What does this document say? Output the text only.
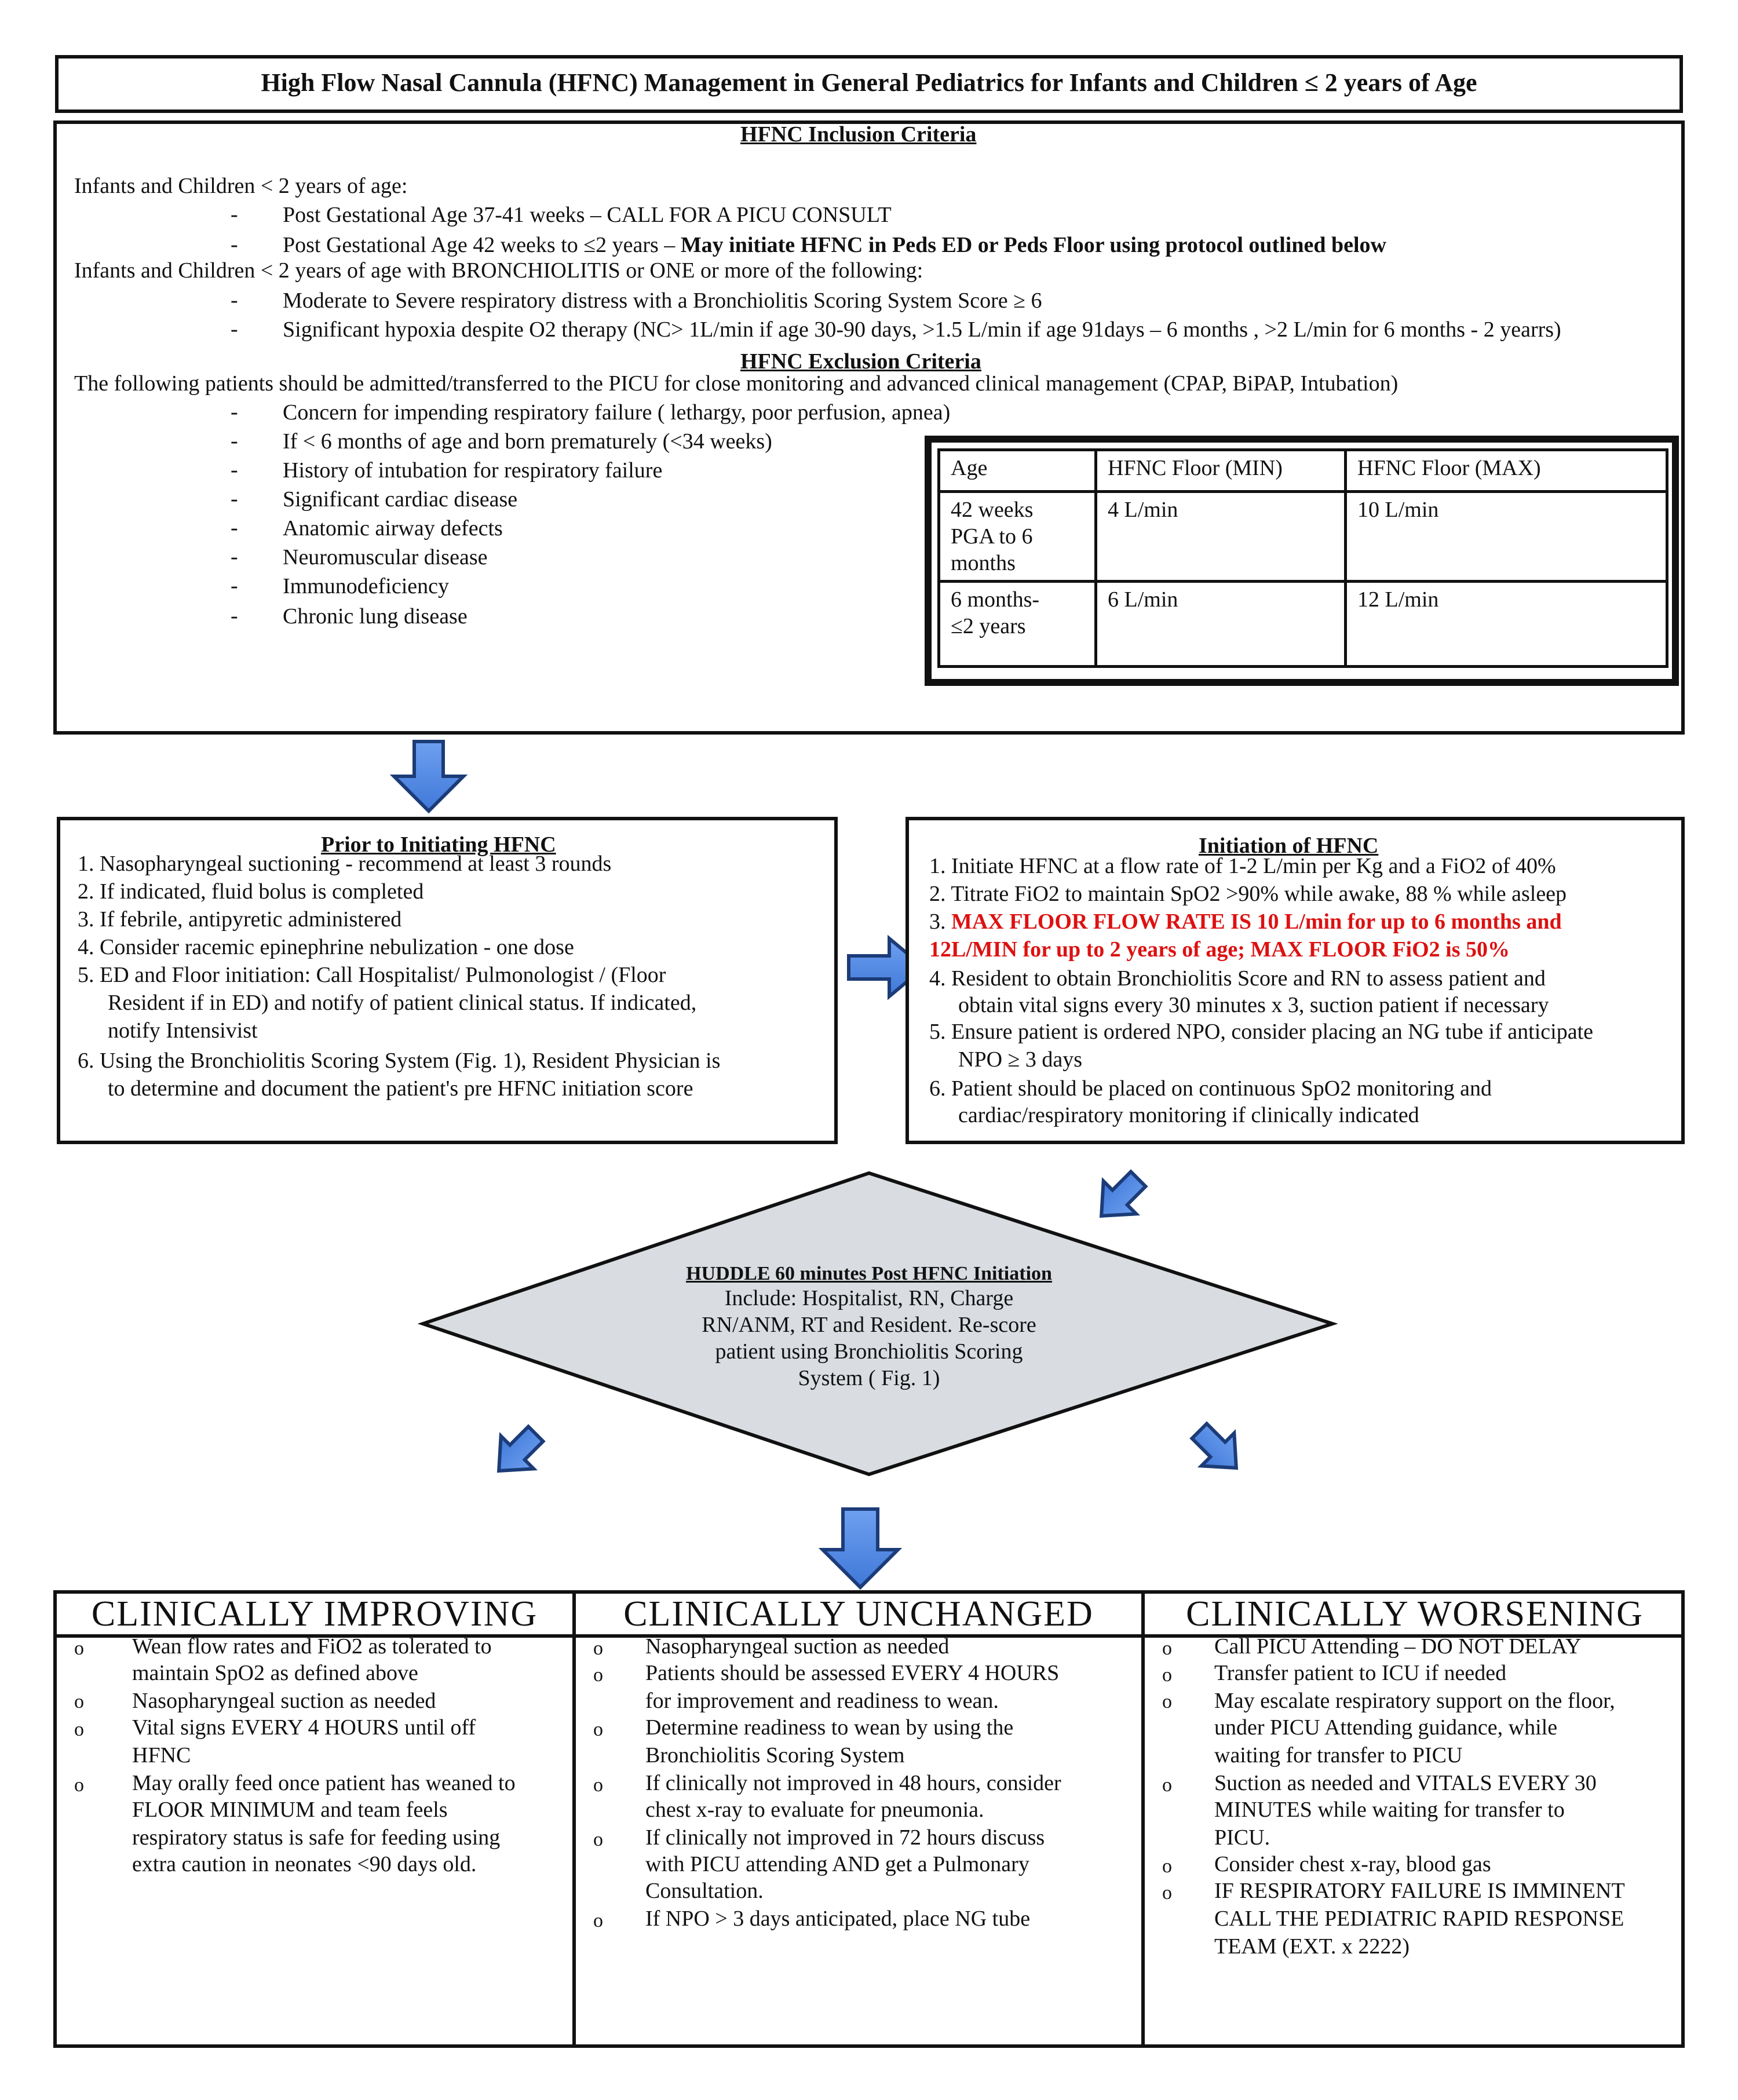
High Flow Nasal Cannula (HFNC) Management in General Pediatrics for Infants and Children ≤ 2 years of Age
HFNC Inclusion Criteria
Infants and Children < 2 years of age:
- Post Gestational Age 37-41 weeks – CALL FOR A PICU CONSULT
- Post Gestational Age 42 weeks to ≤2 years – May initiate HFNC in Peds ED or Peds Floor using protocol outlined below
Infants and Children < 2 years of age with BRONCHIOLITIS or ONE or more of the following:
- Moderate to Severe respiratory distress with a Bronchiolitis Scoring System Score ≥ 6
- Significant hypoxia despite O2 therapy (NC> 1L/min if age 30-90 days, >1.5 L/min if age 91days – 6 months , >2 L/min for 6 months - 2 yearrs)
HFNC Exclusion Criteria
The following patients should be admitted/transferred to the PICU for close monitoring and advanced clinical management (CPAP, BiPAP, Intubation)
- Concern for impending respiratory failure ( lethargy, poor perfusion, apnea)
- If < 6 months of age and born prematurely (<34 weeks)
- History of intubation for respiratory failure
- Significant cardiac disease
- Anatomic airway defects
- Neuromuscular disease
- Immunodeficiency
- Chronic lung disease
Age	HFNC Floor (MIN)	HFNC Floor (MAX)

42 weeks
PGA to 6
months	4 L/min	10 L/min

6 months-
≤2 years	6 L/min	12 L/min
Prior to Initiating HFNC
1. Nasopharyngeal suctioning - recommend at least 3 rounds
2. If indicated, fluid bolus is completed
3. If febrile, antipyretic administered
4. Consider racemic epinephrine nebulization - one dose
5. ED and Floor initiation: Call Hospitalist/ Pulmonologist / (Floor
Resident if in ED) and notify of patient clinical status. If indicated,
notify Intensivist
6. Using the Bronchiolitis Scoring System (Fig. 1), Resident Physician is
to determine and document the patient's pre HFNC initiation score
Initiation of HFNC
1. Initiate HFNC at a flow rate of 1-2 L/min per Kg and a FiO2 of 40%
2. Titrate FiO2 to maintain SpO2 >90% while awake, 88 % while asleep
3. MAX FLOOR FLOW RATE IS 10 L/min for up to 6 months and
12L/MIN for up to 2 years of age; MAX FLOOR FiO2 is 50%
4. Resident to obtain Bronchiolitis Score and RN to assess patient and
obtain vital signs every 30 minutes x 3, suction patient if necessary
5. Ensure patient is ordered NPO, consider placing an NG tube if anticipate
NPO ≥ 3 days
6. Patient should be placed on continuous SpO2 monitoring and
cardiac/respiratory monitoring if clinically indicated
HUDDLE 60 minutes Post HFNC Initiation
Include: Hospitalist, RN, Charge
RN/ANM, RT and Resident. Re-score
patient using Bronchiolitis Scoring
System ( Fig. 1)
CLINICALLY IMPROVING	CLINICALLY UNCHANGED	CLINICALLY WORSENING
o Wean flow rates and FiO2 as tolerated to
maintain SpO2 as defined above
o Nasopharyngeal suction as needed
o Vital signs EVERY 4 HOURS until off
HFNC
o May orally feed once patient has weaned to
FLOOR MINIMUM and team feels
respiratory status is safe for feeding using
extra caution in neonates <90 days old.
o Nasopharyngeal suction as needed
o Patients should be assessed EVERY 4 HOURS
for improvement and readiness to wean.
o Determine readiness to wean by using the
Bronchiolitis Scoring System
o If clinically not improved in 48 hours, consider
chest x-ray to evaluate for pneumonia.
o If clinically not improved in 72 hours discuss
with PICU attending AND get a Pulmonary
Consultation.
o If NPO > 3 days anticipated, place NG tube
o Call PICU Attending – DO NOT DELAY
o Transfer patient to ICU if needed
o May escalate respiratory support on the floor,
under PICU Attending guidance, while
waiting for transfer to PICU
o Suction as needed and VITALS EVERY 30
MINUTES while waiting for transfer to
PICU.
o Consider chest x-ray, blood gas
o IF RESPIRATORY FAILURE IS IMMINENT
CALL THE PEDIATRIC RAPID RESPONSE
TEAM (EXT. x 2222)
